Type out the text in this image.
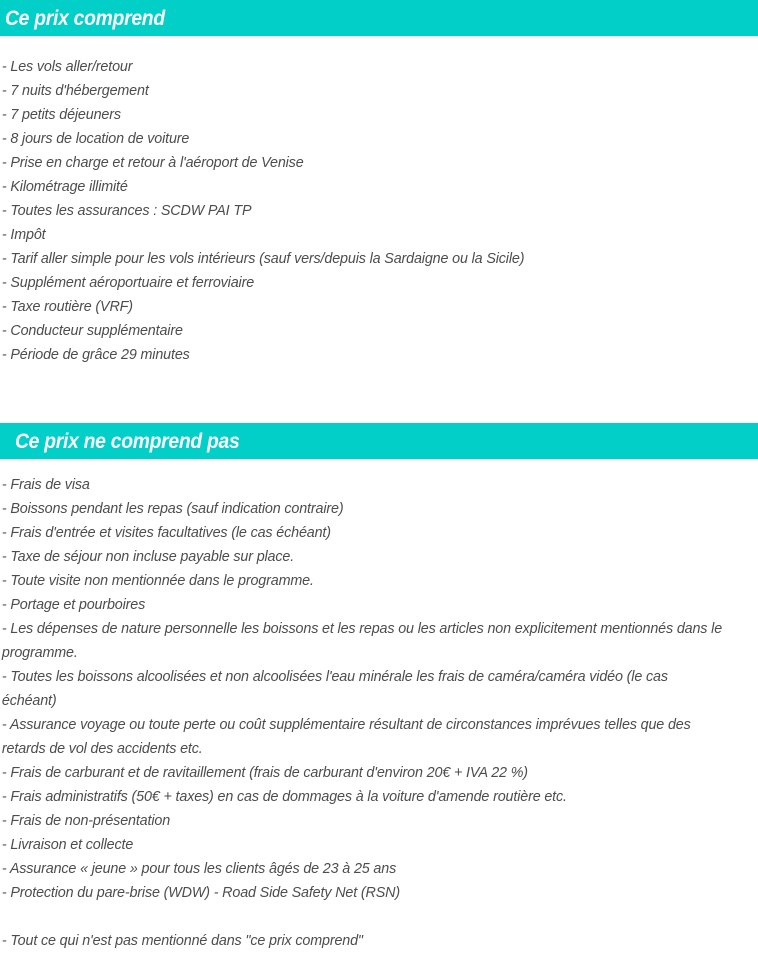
Ce prix comprend
- Les vols aller/retour
- 7 nuits d'hébergement
- 7 petits déjeuners
- 8 jours de location de voiture
- Prise en charge et retour à l'aéroport de Venise
- Kilométrage illimité
- Toutes les assurances : SCDW PAI TP
- Impôt
- Tarif aller simple pour les vols intérieurs (sauf vers/depuis la Sardaigne ou la Sicile)
- Supplément aéroportuaire et ferroviaire
- Taxe routière (VRF)
- Conducteur supplémentaire
- Période de grâce 29 minutes
Ce prix ne comprend pas
- Frais de visa
- Boissons pendant les repas (sauf indication contraire)
- Frais d'entrée et visites facultatives (le cas échéant)
- Taxe de séjour non incluse payable sur place.
- Toute visite non mentionnée dans le programme.
- Portage et pourboires
- Les dépenses de nature personnelle les boissons et les repas ou les articles non explicitement mentionnés dans le programme.
- Toutes les boissons alcoolisées et non alcoolisées l'eau minérale les frais de caméra/caméra vidéo (le cas échéant)
- Assurance voyage ou toute perte ou coût supplémentaire résultant de circonstances imprévues telles que des retards de vol des accidents etc.
- Frais de carburant et de ravitaillement (frais de carburant d'environ 20€ + IVA 22 %)
- Frais administratifs (50€ + taxes) en cas de dommages à la voiture d'amende routière etc.
- Frais de non-présentation
- Livraison et collecte
- Assurance « jeune » pour tous les clients âgés de 23 à 25 ans
- Protection du pare-brise (WDW) - Road Side Safety Net (RSN)
- Tout ce qui n'est pas mentionné dans "ce prix comprend"
